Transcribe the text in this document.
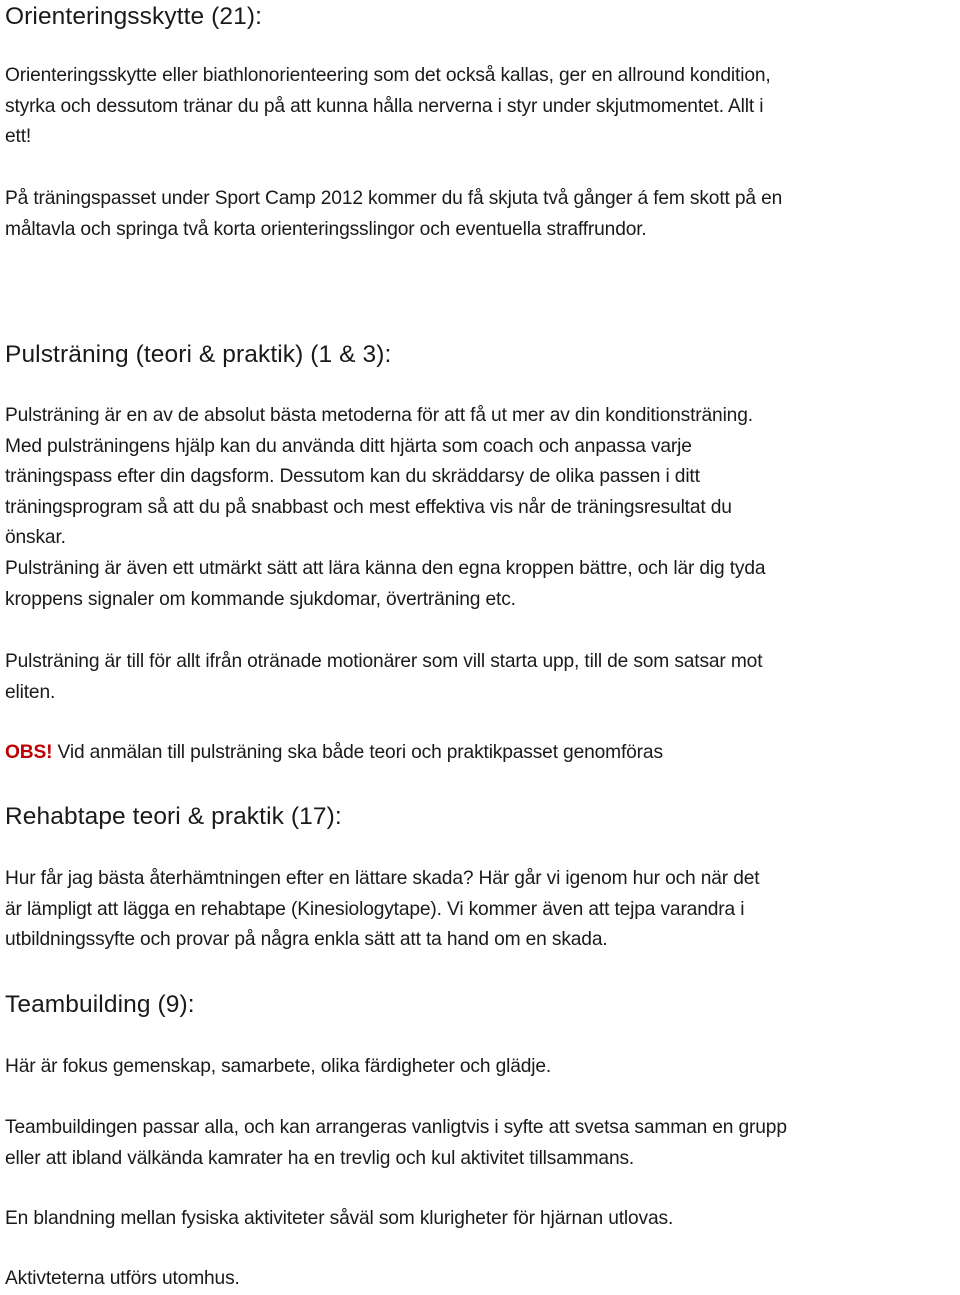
Orienteringsskytte (21):

Orienteringsskytte eller biathlonorienteering som det också kallas, ger en allround kondition,
styrka och dessutom tränar du på att kunna hålla nerverna i styr under skjutmomentet. Allt i
ett!

På träningspasset under Sport Camp 2012 kommer du få skjuta två gånger á fem skott på en
måltavla och springa två korta orienteringsslingor och eventuella straffrundor.

Pulsträning (teori & praktik) (1 & 3):

Pulsträning är en av de absolut bästa metoderna för att få ut mer av din konditionsträning.
Med pulsträningens hjälp kan du använda ditt hjärta som coach och anpassa varje
träningspass efter din dagsform. Dessutom kan du skräddarsy de olika passen i ditt
träningsprogram så att du på snabbast och mest effektiva vis når de träningsresultat du
önskar.
Pulsträning är även ett utmärkt sätt att lära känna den egna kroppen bättre, och lär dig tyda
kroppens signaler om kommande sjukdomar, överträning etc.

Pulsträning är till för allt ifrån otränade motionärer som vill starta upp, till de som satsar mot
eliten.

OBS! Vid anmälan till pulsträning ska både teori och praktikpasset genomföras

Rehabtape teori & praktik (17):

Hur får jag bästa återhämtningen efter en lättare skada? Här går vi igenom hur och när det
är lämpligt att lägga en rehabtape (Kinesiologytape). Vi kommer även att tejpa varandra i
utbildningssyfte och provar på några enkla sätt att ta hand om en skada.

Teambuilding (9):

Här är fokus gemenskap, samarbete, olika färdigheter och glädje.

Teambuildingen passar alla, och kan arrangeras vanligtvis i syfte att svetsa samman en grupp
eller att ibland välkända kamrater ha en trevlig och kul aktivitet tillsammans.

En blandning mellan fysiska aktiviteter såväl som klurigheter för hjärnan utlovas.

Aktivteterna utförs utomhus.
